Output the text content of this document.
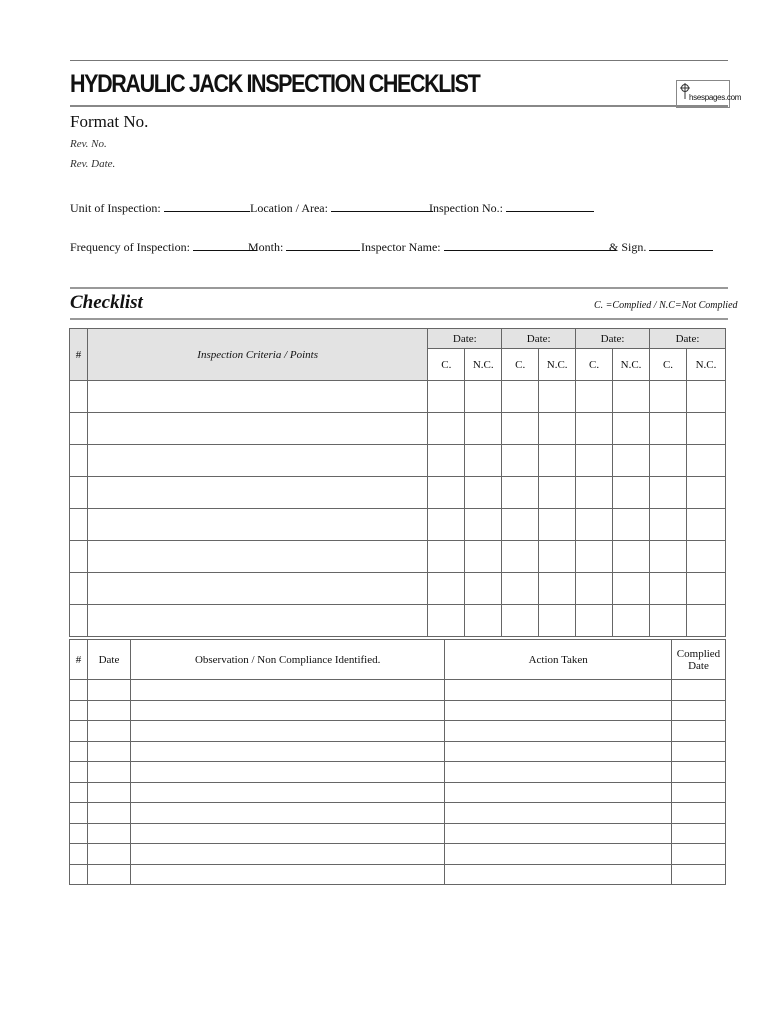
HYDRAULIC JACK INSPECTION CHECKLIST	hsespages.com
Format No.
Rev. No.
Rev. Date.
Unit of Inspection:	Location / Area:	Inspection No.:
Frequency of Inspection:	Month:	Inspector Name:	& Sign.
Checklist	C. =Complied / N.C=Not Complied
#	Inspection Criteria / Points	Date:		Date:		Date:		Date:	
		C.	N.C.	C.	N.C.	C.	N.C.	C.	N.C.

#	Date	Observation / Non Compliance Identified.	Action Taken	Complied
Date
